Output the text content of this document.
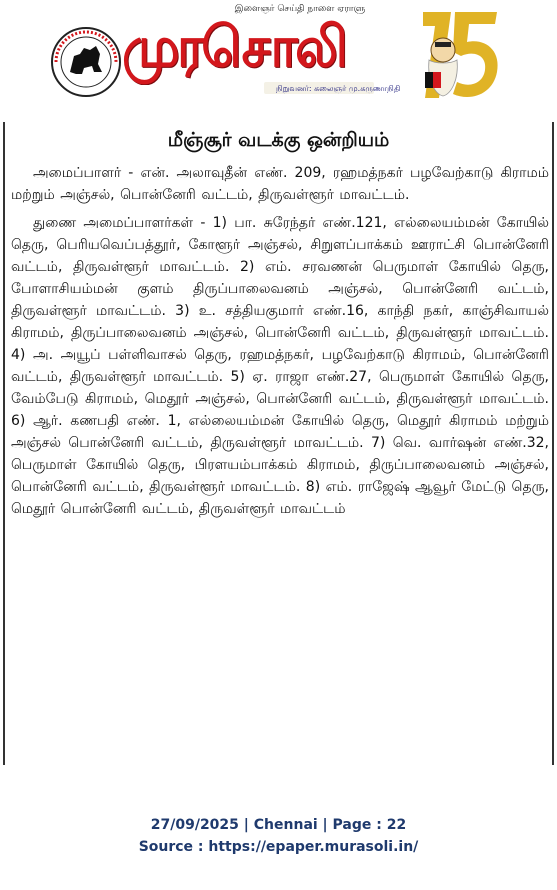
இளைஞர் செய்தி நாளை ஏராளு
முரசொலி
நிறுவனர்: கலைஞர் மு.கருணாநிதி
மீஞ்சூர் வடக்கு ஒன்றியம்

அமைப்பாளர் - என். அலாவுதீன் எண். 209, ரஹமத்நகர் பழவேற்காடு கிராமம் மற்றும் அஞ்சல், பொன்னேரி வட்டம், திருவள்ளூர் மாவட்டம்.

துணை அமைப்பாளர்கள் - 1) பா. சுரேந்தர் எண்.121, எல்லையம்மன் கோயில் தெரு, பெரியவெப்பத்தூர், கோளூர் அஞ்சல், சிறுளப்பாக்கம் ஊராட்சி பொன்னேரி வட்டம், திருவள்ளூர் மாவட்டம். 2) எம். சரவணன் பெருமாள் கோயில் தெரு, போளாசியம்மன் குளம் திருப்பாலைவனம் அஞ்சல், பொன்னேரி வட்டம், திருவள்ளூர் மாவட்டம். 3) உ. சத்தியகுமார் எண்.16, காந்தி நகர், காஞ்சிவாயல் கிராமம், திருப்பாலைவனம் அஞ்சல், பொன்னேரி வட்டம், திருவள்ளூர் மாவட்டம். 4) அ. அயூப் பள்ளிவாசல் தெரு, ரஹமத்நகர், பழவேற்காடு கிராமம், பொன்னேரி வட்டம், திருவள்ளூர் மாவட்டம். 5) ஏ. ராஜா எண்.27, பெருமாள் கோயில் தெரு, வேம்பேடு கிராமம், மெதூர் அஞ்சல், பொன்னேரி வட்டம், திருவள்ளூர் மாவட்டம். 6) ஆர். கணபதி எண். 1, எல்லையம்மன் கோயில் தெரு, மெதூர் கிராமம் மற்றும் அஞ்சல் பொன்னேரி வட்டம், திருவள்ளூர் மாவட்டம். 7) வெ. வார்ஷன் எண்.32, பெருமாள் கோயில் தெரு, பிரளயம்பாக்கம் கிராமம், திருப்பாலைவனம் அஞ்சல், பொன்னேரி வட்டம், திருவள்ளூர் மாவட்டம். 8) எம். ராஜேஷ் ஆவூர் மேட்டு தெரு, மெதூர் பொன்னேரி வட்டம், திருவள்ளூர் மாவட்டம்

27/09/2025 | Chennai | Page : 22
Source : https://epaper.murasoli.in/
